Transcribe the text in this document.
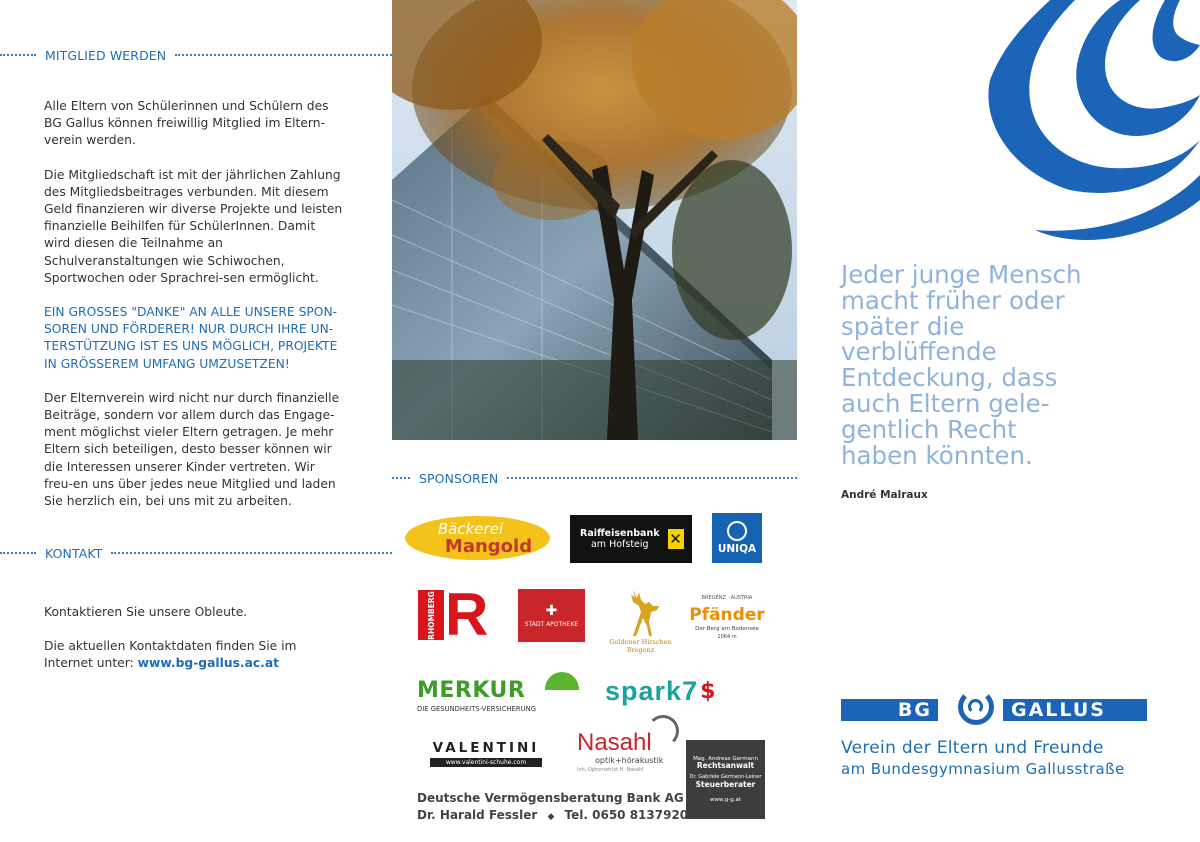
MITGLIED WERDEN

Alle Eltern von Schülerinnen und Schülern des BG Gallus können freiwillig Mitglied im Eltern-verein werden.

Die Mitgliedschaft ist mit der jährlichen Zahlung des Mitgliedsbeitrages verbunden. Mit diesem Geld finanzieren wir diverse Projekte und leisten finanzielle Beihilfen für SchülerInnen. Damit wird diesen die Teilnahme an Schulveranstaltungen wie Schiwochen, Sportwochen oder Sprachrei-sen ermöglicht.

EIN GROSSES "DANKE" AN ALLE UNSERE SPON-SOREN UND FÖRDERER! NUR DURCH IHRE UN-TERSTÜTZUNG IST ES UNS MÖGLICH, PROJEKTE IN GRÖSSEREM UMFANG UMZUSETZEN!

Der Elternverein wird nicht nur durch finanzielle Beiträge, sondern vor allem durch das Engage-ment möglichst vieler Eltern getragen. Je mehr Eltern sich beteiligen, desto besser können wir die Interessen unserer Kinder vertreten. Wir freu-en uns über jedes neue Mitglied und laden Sie herzlich ein, bei uns mit zu arbeiten.

KONTAKT

Kontaktieren Sie unsere Obleute.

Die aktuellen Kontaktdaten finden Sie im Internet unter: www.bg-gallus.ac.at

SPONSOREN
Bäckerei
Mangold
Raiffeisenbank
am Hofsteig	✕
UNIQA
RHOMBERG R	✚
STADT APOTHEKE
Goldener Hirschen
Bregenz
BREGENZ · AUSTRIA
Pfänder
Der Berg am Bodensee
1064 m
MERKUR
DIE GESUNDHEITS-VERSICHERUNG
spark 7 $
VALENTINI
www.valentini-schuhe.com
Nasahl
optik+hörakustik
Inh. Optometrist H. Nasahl
Mag. Andreas Germann
Rechtsanwalt
Dr. Gabriele Germann-Leiner
Steuerberater
www.g-g.at
Deutsche Vermögensberatung Bank AG
Dr. Harald Fessler ◆ Tel. 0650 8137920
Jeder junge Mensch macht früher oder später die verblüffende Entdeckung, dass auch Eltern gele-gentlich Recht haben könnten.
André Malraux
BG	GALLUS
Verein der Eltern und Freunde
am Bundesgymnasium Gallusstraße
